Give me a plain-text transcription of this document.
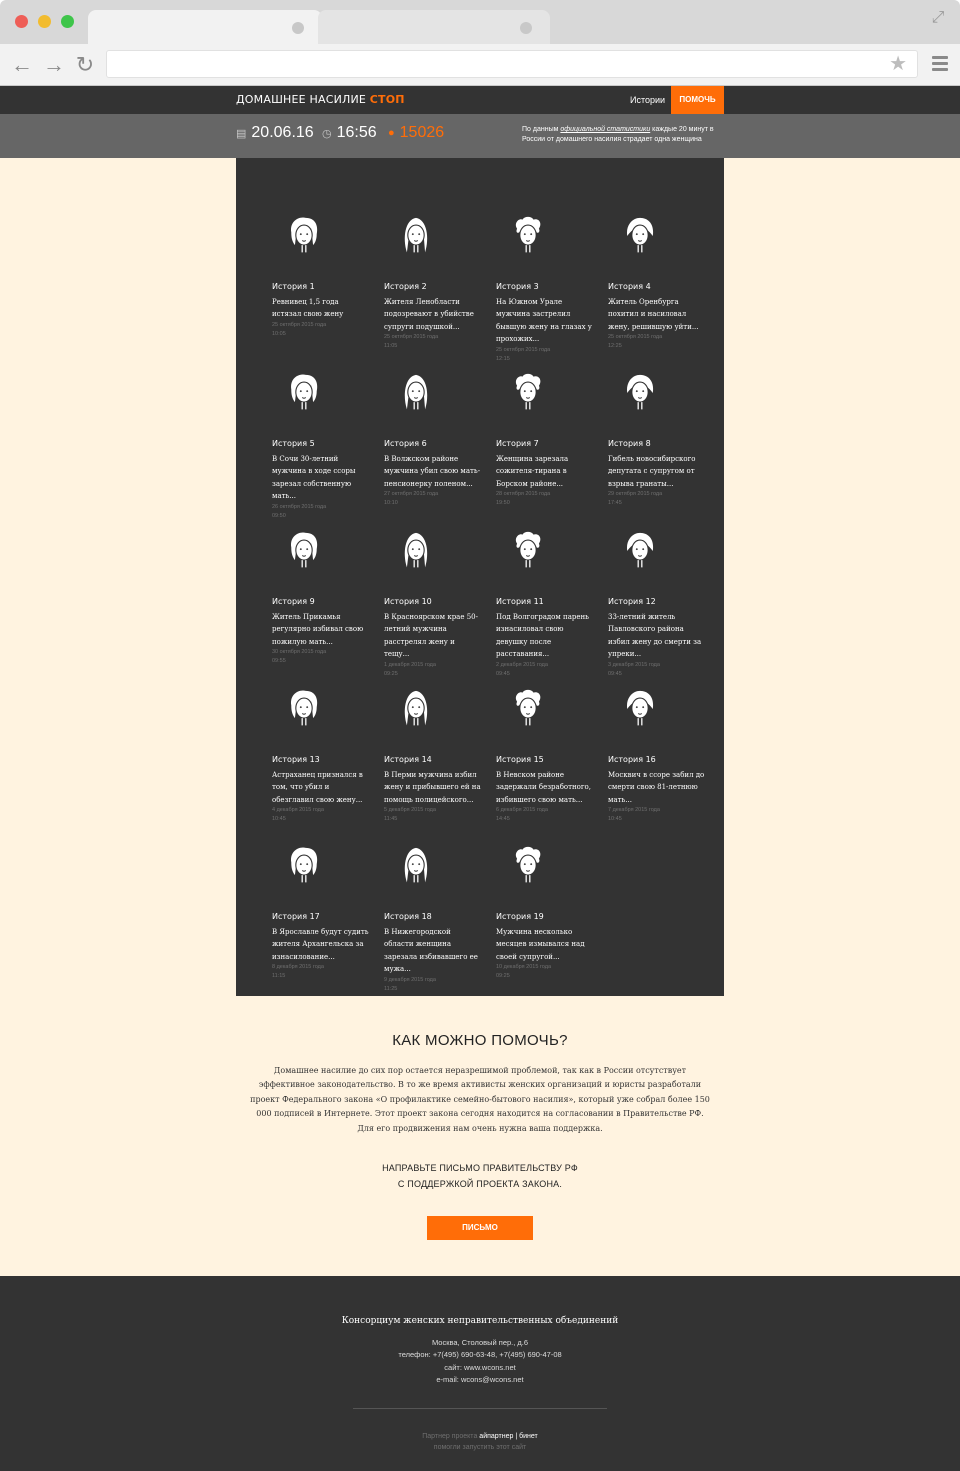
⤢
← → ↻	★
ДОМАШНЕЕ НАСИЛИЕ СТОП	Истории	ПОМОЧЬ
▤ 20.06.16 ◷ 16:56 ● 15026	По данным официальной статистики каждые 20 минут в России от домашнего насилия страдает одна женщина
История 1
Ревнивец 1,5 года истязал свою жену
25 октября 2015 года
10:05
История 2
Жителя Ленобласти подозревают в убийстве супруги подушкой...
25 октября 2015 года
11:05
История 3
На Южном Урале мужчина застрелил бывшую жену на глазах у прохожих...
25 октября 2015 года
12:15
История 4
Житель Оренбурга похитил и насиловал жену, решившую уйти...
25 октября 2015 года
12:25
История 5
В Сочи 30-летний мужчина в ходе ссоры зарезал собственную мать...
26 октября 2015 года
09:50
История 6
В Волжском районе мужчина убил свою мать-пенсионерку поленом...
27 октября 2015 года
10:10
История 7
Женщина зарезала сожителя-тирана в Борском районе...
28 октября 2015 года
19:50
История 8
Гибель новосибирского депутата с супругом от взрыва гранаты...
29 октября 2015 года
17:45
История 9
Житель Прикамья регулярно избивал свою пожилую мать...
30 октября 2015 года
09:55
История 10
В Красноярском крае 50-летний мужчина расстрелял жену и тещу...
1 декабря 2015 года
09:25
История 11
Под Волгоградом парень изнасиловал свою девушку после расставания...
2 декабря 2015 года
09:45
История 12
33-летний житель Павловского района избил жену до смерти за упреки...
3 декабря 2015 года
09:45
История 13
Астраханец признался в том, что убил и обезглавил свою жену...
4 декабря 2015 года
10:45
История 14
В Перми мужчина избил жену и прибывшего ей на помощь полицейского...
5 декабря 2015 года
11:45
История 15
В Невском районе задержали безработного, избившего свою мать...
6 декабря 2015 года
14:45
История 16
Москвич в ссоре забил до смерти свою 81-летнюю мать...
7 декабря 2015 года
10:45
История 17
В Ярославле будут судить жителя Архангельска за изнасилование...
8 декабря 2015 года
11:15
История 18
В Нижегородской области женщина зарезала избивавшего ее мужа...
9 декабря 2015 года
11:25
История 19
Мужчина несколько месяцев измывался над своей супругой...
10 декабря 2015 года
09:25
КАК МОЖНО ПОМОЧЬ?
Домашнее насилие до сих пор остается неразрешимой проблемой, так как в России отсутствует эффективное законодательство. В то же время активисты женских организаций и юристы разработали проект Федерального закона «О профилактике семейно-бытового насилия», который уже собрал более 150 000 подписей в Интернете. Этот проект закона сегодня находится на согласовании в Правительстве РФ. Для его продвижения нам очень нужна ваша поддержка.
НАПРАВЬТЕ ПИСЬМО ПРАВИТЕЛЬСТВУ РФ
С ПОДДЕРЖКОЙ ПРОЕКТА ЗАКОНА.
ПИСЬМО
Консорциум женских неправительственных объединений
Москва, Столовый пер., д.6
телефон: +7(495) 690-63-48, +7(495) 690-47-08
сайт: www.wcons.net
e-mail: wcons@wcons.net
Партнер проекта айпартнер | бинет
помогли запустить этот сайт
